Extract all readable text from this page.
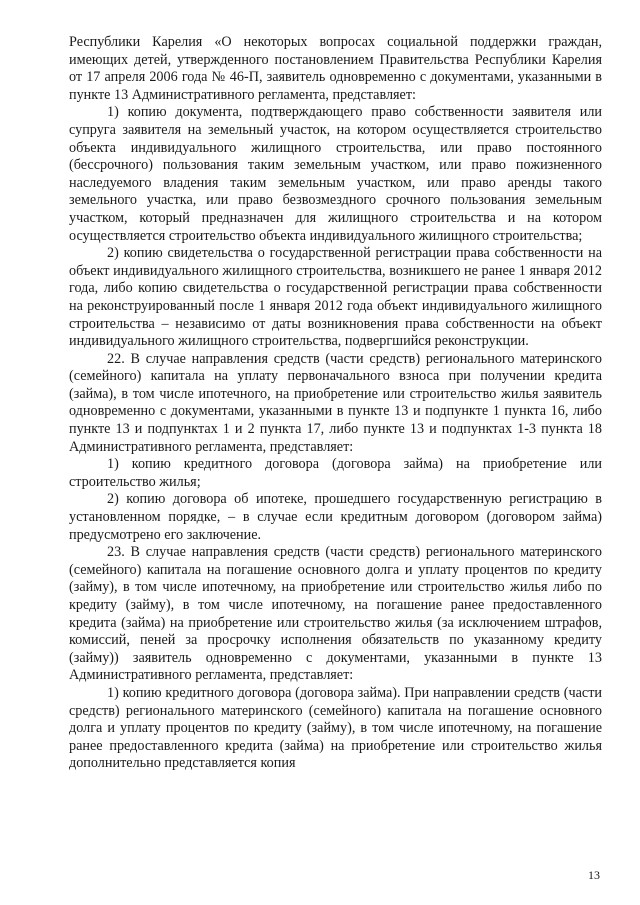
Республики Карелия «О некоторых вопросах социальной поддержки граждан, имеющих детей, утвержденного постановлением Правительства Республики Карелия от 17 апреля 2006 года № 46-П, заявитель одновременно с документами, указанными в пункте 13 Административного регламента, представляет:

1) копию документа, подтверждающего право собственности заявителя или супруга заявителя на земельный участок, на котором осуществляется строительство объекта индивидуального жилищного строительства, или право постоянного (бессрочного) пользования таким земельным участком, или право пожизненного наследуемого владения таким земельным участком, или право аренды такого земельного участка, или право безвозмездного срочного пользования земельным участком, который предназначен для жилищного строительства и на котором осуществляется строительство объекта индивидуального жилищного строительства;

2) копию свидетельства о государственной регистрации права собственности на объект индивидуального жилищного строительства, возникшего не ранее 1 января 2012 года, либо копию свидетельства о государственной регистрации права собственности на реконструированный после 1 января 2012 года объект индивидуального жилищного строительства – независимо от даты возникновения права собственности на объект индивидуального жилищного строительства, подвергшийся реконструкции.

22. В случае направления средств (части средств) регионального материнского (семейного) капитала на уплату первоначального взноса при получении кредита (займа), в том числе ипотечного, на приобретение или строительство жилья заявитель одновременно с документами, указанными в пункте 13 и подпункте 1 пункта 16, либо пункте 13 и подпунктах 1 и 2 пункта 17, либо пункте 13 и подпунктах 1-3 пункта 18 Административного регламента, представляет:

1) копию кредитного договора (договора займа) на приобретение или строительство жилья;

2) копию договора об ипотеке, прошедшего государственную регистрацию в установленном порядке, – в случае если кредитным договором (договором займа) предусмотрено его заключение.

23. В случае направления средств (части средств) регионального материнского (семейного) капитала на погашение основного долга и уплату процентов по кредиту (займу), в том числе ипотечному, на приобретение или строительство жилья либо по кредиту (займу), в том числе ипотечному, на погашение ранее предоставленного кредита (займа) на приобретение или строительство жилья (за исключением штрафов, комиссий, пеней за просрочку исполнения обязательств по указанному кредиту (займу)) заявитель одновременно с документами, указанными в пункте 13 Административного регламента, представляет:

1) копию кредитного договора (договора займа). При направлении средств (части средств) регионального материнского (семейного) капитала на погашение основного долга и уплату процентов по кредиту (займу), в том числе ипотечному, на погашение ранее предоставленного кредита (займа) на приобретение или строительство жилья дополнительно представляется копия

13
